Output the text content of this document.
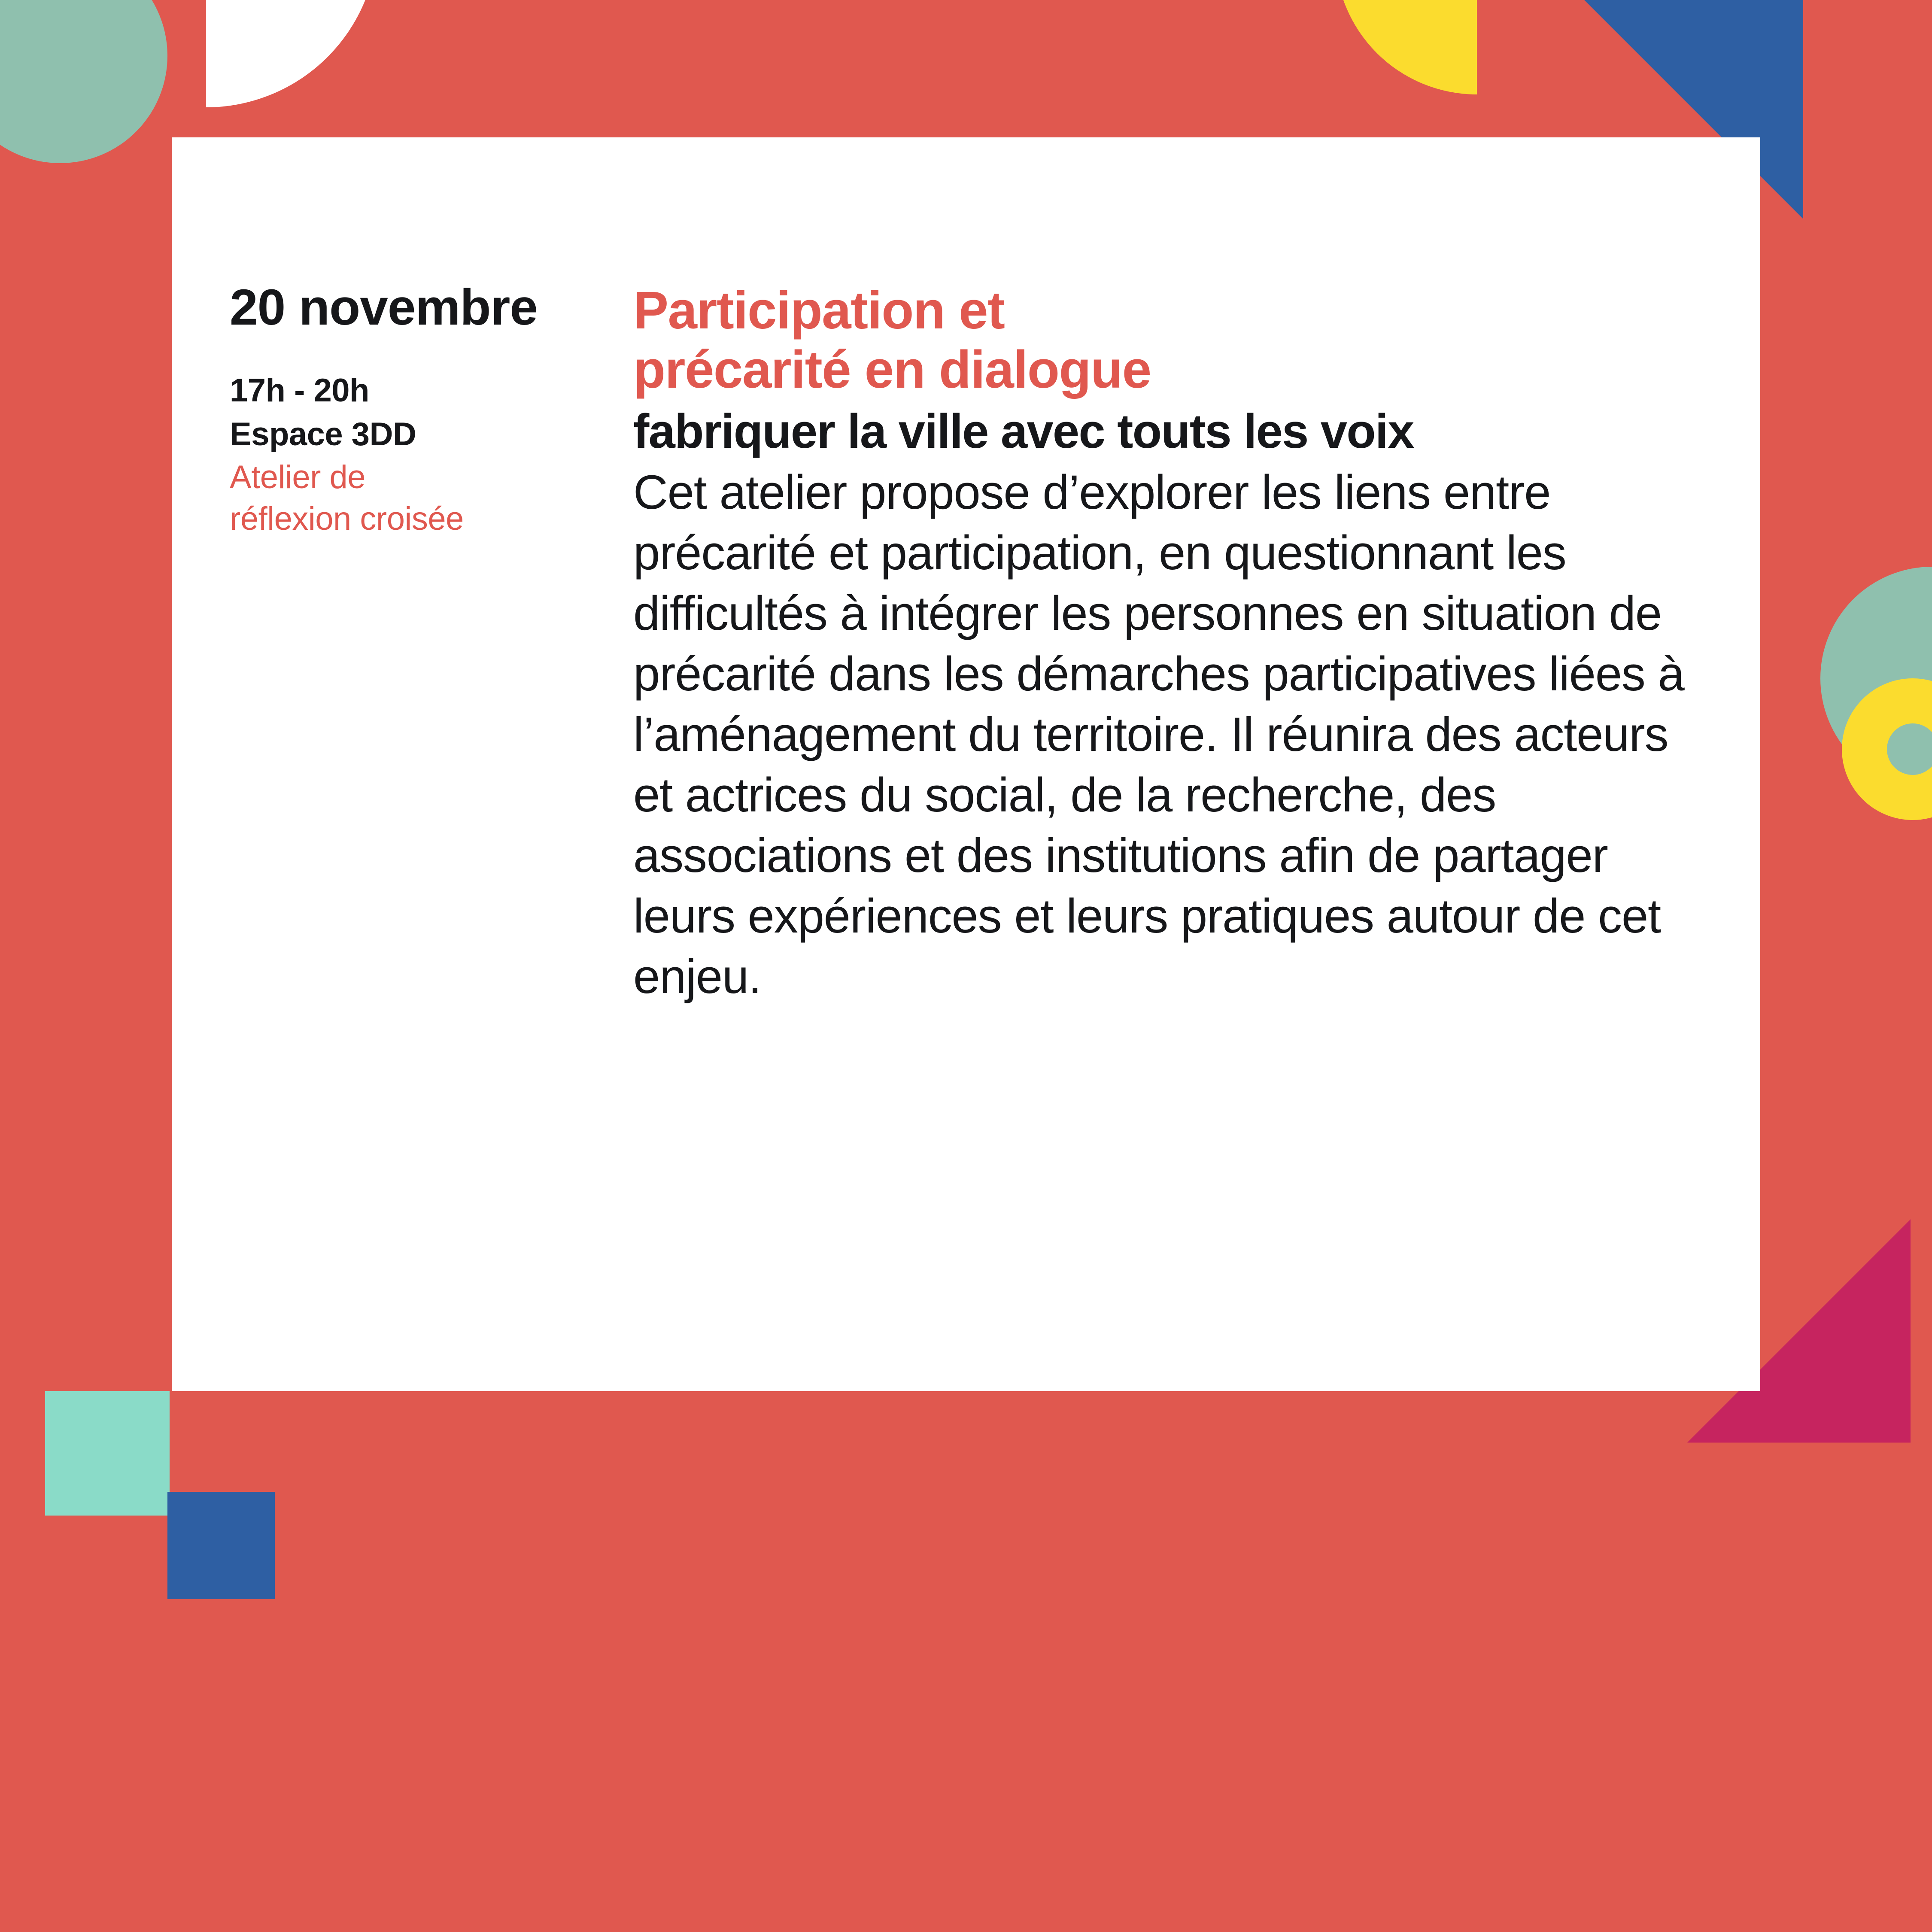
20 novembre
17h - 20h
Espace 3DD
Atelier de
réflexion croisée
Participation et
précarité en dialogue
fabriquer la ville avec touts les voix

Cet atelier propose d’explorer les liens entre précarité et participation, en questionnant les difficultés à intégrer les personnes en situation de précarité dans les démarches participatives liées à l’aménagement du territoire. Il réunira des acteurs et actrices du social, de la recherche, des associations et des institutions afin de partager leurs expériences et leurs pratiques autour de cet enjeu.
